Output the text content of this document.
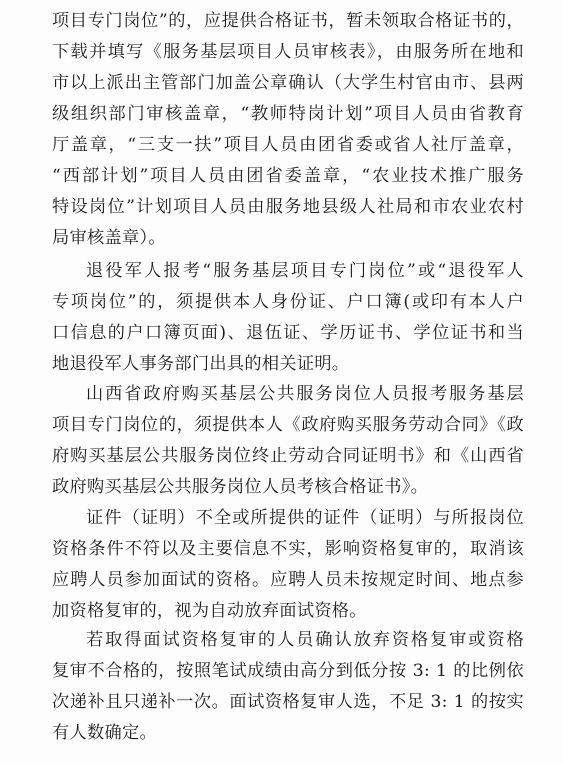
项目专门岗位”的，应提供合格证书，暂未领取合格证书的，
下载并填写《服务基层项目人员审核表》，由服务所在地和
市以上派出主管部门加盖公章确认（大学生村官由市、县两
级组织部门审核盖章，“教师特岗计划”项目人员由省教育
厅盖章，“三支一扶”项目人员由团省委或省人社厅盖章，
“西部计划”项目人员由团省委盖章，“农业技术推广服务
特设岗位”计划项目人员由服务地县级人社局和市农业农村
局审核盖章）。
退役军人报考“服务基层项目专门岗位”或“退役军人
专项岗位”的，须提供本人身份证、户口簿(或印有本人户
口信息的户口簿页面)、退伍证、学历证书、学位证书和当
地退役军人事务部门出具的相关证明。
山西省政府购买基层公共服务岗位人员报考服务基层
项目专门岗位的，须提供本人《政府购买服务劳动合同》《政
府购买基层公共服务岗位终止劳动合同证明书》和《山西省
政府购买基层公共服务岗位人员考核合格证书》。
证件（证明）不全或所提供的证件（证明）与所报岗位
资格条件不符以及主要信息不实，影响资格复审的，取消该
应聘人员参加面试的资格。应聘人员未按规定时间、地点参
加资格复审的，视为自动放弃面试资格。
若取得面试资格复审的人员确认放弃资格复审或资格
复审不合格的，按照笔试成绩由高分到低分按 3: 1 的比例依
次递补且只递补一次。面试资格复审人选，不足 3: 1 的按实
有人数确定。
